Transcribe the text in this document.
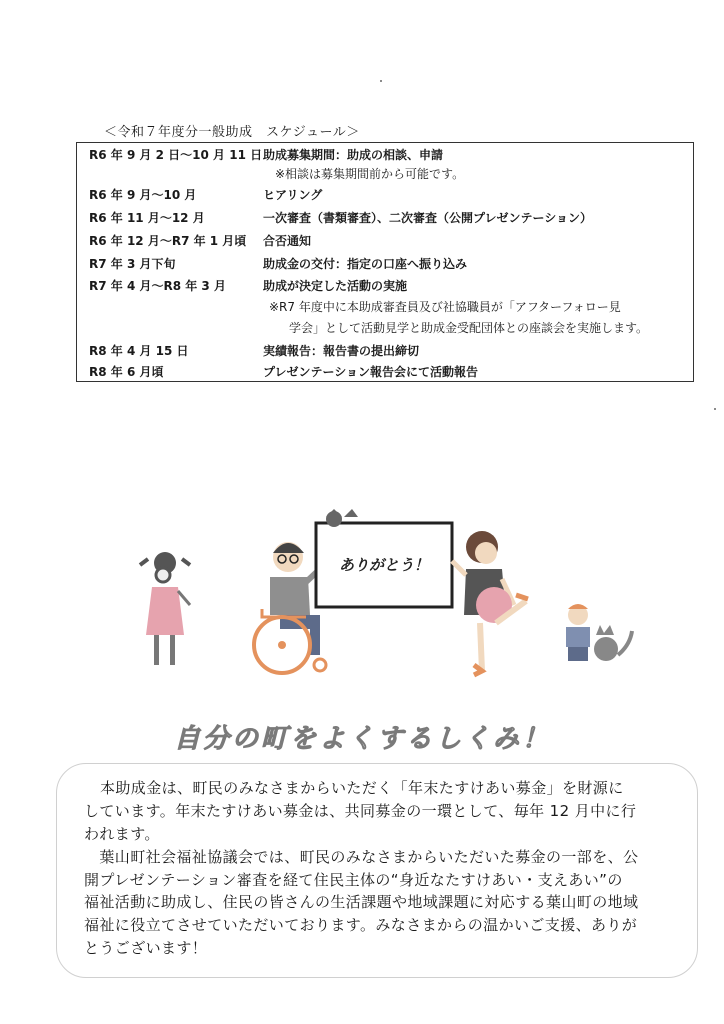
＜令和７年度分一般助成　スケジュール＞
R6 年 9 月 2 日～10 月 11 日 助成募集期間：助成の相談、申請
※相談は募集期間前から可能です。
R6 年 9 月～10 月	ヒアリング
R6 年 11 月～12 月	一次審査（書類審査）、二次審査（公開プレゼンテーション）
R6 年 12 月～R7 年 1 月頃 合否通知
R7 年 3 月下旬	助成金の交付：指定の口座へ振り込み
R7 年 4 月～R8 年 3 月	助成が決定した活動の実施
※R7 年度中に本助成審査員及び社協職員が「アフターフォロー見
学会」として活動見学と助成金受配団体との座談会を実施します。
R8 年 4 月 15 日	実績報告：報告書の提出締切
R8 年 6 月頃	プレゼンテーション報告会にて活動報告
ありがとう！
自分の町をよくするしくみ！
本助成金は、町民のみなさまからいただく「年末たすけあい募金」を財源に
しています。年末たすけあい募金は、共同募金の一環として、毎年 12 月中に行
われます。
　葉山町社会福祉協議会では、町民のみなさまからいただいた募金の一部を、公
開プレゼンテーション審査を経て住民主体の“身近なたすけあい・支えあい”の
福祉活動に助成し、住民の皆さんの生活課題や地域課題に対応する葉山町の地域
福祉に役立てさせていただいております。みなさまからの温かいご支援、ありが
とうございます！
